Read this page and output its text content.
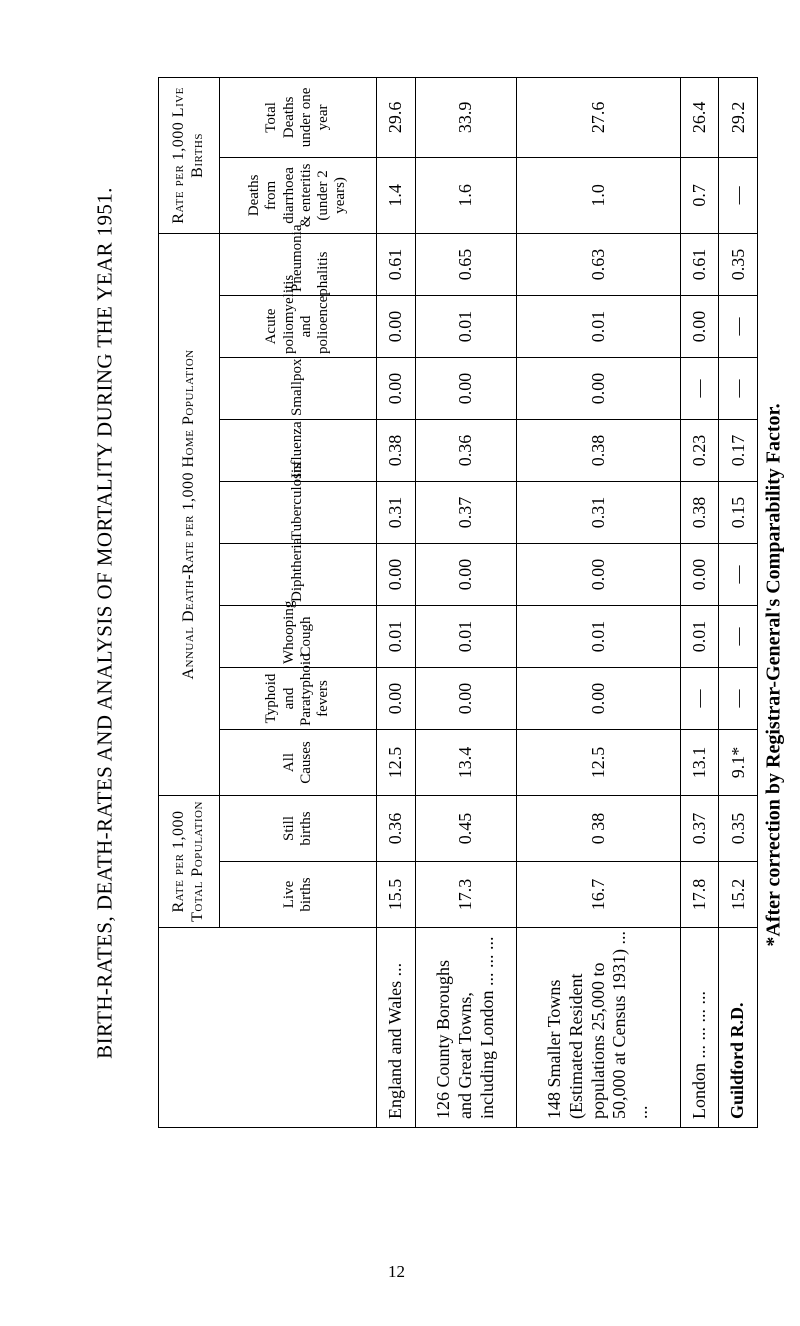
BIRTH-RATES, DEATH-RATES AND ANALYSIS OF MORTALITY DURING THE YEAR 1951.
		Rate per 1,000 Total Population		Annual Death-Rate per 1,000 Home Population									Rate per 1,000 Live Births	
	Live births	Still births	All Causes	Typhoid and Paratyphoid fevers	Whooping Cough	Diphtheria	Tuberculosis	Influenza	Smallpox	Acute poliomyelitis and polioencephalitis	Pneumonia	Deaths from diarrhoea & enteritis (under 2 years)	Total Deaths under one year
England and Wales ...	15.5	0.36	12.5	0.00	0.01	0.00	0.31	0.38	0.00	0.00	0.61	1.4	29.6
126 County Boroughs and Great Towns, including London ... ... ...	17.3	0.45	13.4	0.00	0.01	0.00	0.37	0.36	0.00	0.01	0.65	1.6	33.9
148 Smaller Towns (Estimated Resident populations 25,000 to 50,000 at Census 1931) ... ...	16.7	0 38	12.5	0.00	0.01	0.00	0.31	0.38	0.00	0.01	0.63	1.0	27.6
London ... ... ... ...	17.8	0.37	13.1	—	0.01	0.00	0.38	0.23	—	0.00	0.61	0.7	26.4
Guildford R.D.	15.2	0.35	9.1*	—	—	—	0.15	0.17	—	—	0.35	—	29.2
*After correction by Registrar-General's Comparability Factor.
12
